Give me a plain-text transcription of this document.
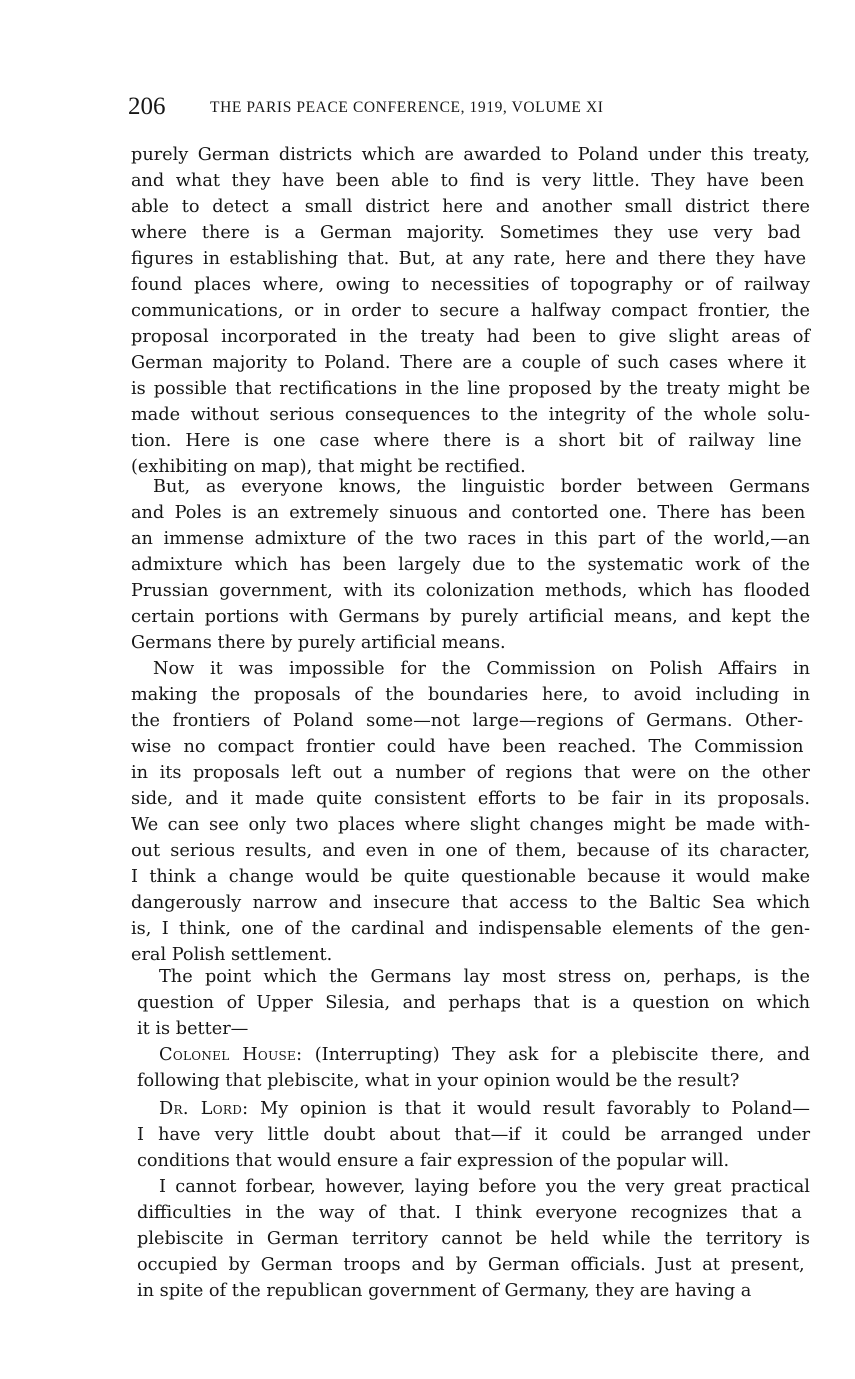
206	THE PARIS PEACE CONFERENCE, 1919, VOLUME XI
purely German districts which are awarded to Poland under this treaty,
and what they have been able to find is very little. They have been
able to detect a small district here and another small district there
where there is a German majority. Sometimes they use very bad
figures in establishing that. But, at any rate, here and there they have
found places where, owing to necessities of topography or of railway
communications, or in order to secure a halfway compact frontier, the
proposal incorporated in the treaty had been to give slight areas of
German majority to Poland. There are a couple of such cases where it
is possible that rectifications in the line proposed by the treaty might be
made without serious consequences to the integrity of the whole solu-
tion. Here is one case where there is a short bit of railway line
(exhibiting on map), that might be rectified.
But, as everyone knows, the linguistic border between Germans
and Poles is an extremely sinuous and contorted one. There has been
an immense admixture of the two races in this part of the world,—an
admixture which has been largely due to the systematic work of the
Prussian government, with its colonization methods, which has flooded
certain portions with Germans by purely artificial means, and kept the
Germans there by purely artificial means.
Now it was impossible for the Commission on Polish Affairs in
making the proposals of the boundaries here, to avoid including in
the frontiers of Poland some—not large—regions of Germans. Other-
wise no compact frontier could have been reached. The Commission
in its proposals left out a number of regions that were on the other
side, and it made quite consistent efforts to be fair in its proposals.
We can see only two places where slight changes might be made with-
out serious results, and even in one of them, because of its character,
I think a change would be quite questionable because it would make
dangerously narrow and insecure that access to the Baltic Sea which
is, I think, one of the cardinal and indispensable elements of the gen-
eral Polish settlement.
The point which the Germans lay most stress on, perhaps, is the
question of Upper Silesia, and perhaps that is a question on which
it is better—
Colonel House: (Interrupting) They ask for a plebiscite there, and
following that plebiscite, what in your opinion would be the result?
Dr. Lord: My opinion is that it would result favorably to Poland—
I have very little doubt about that—if it could be arranged under
conditions that would ensure a fair expression of the popular will.
I cannot forbear, however, laying before you the very great practical
difficulties in the way of that. I think everyone recognizes that a
plebiscite in German territory cannot be held while the territory is
occupied by German troops and by German officials. Just at present,
in spite of the republican government of Germany, they are having a
